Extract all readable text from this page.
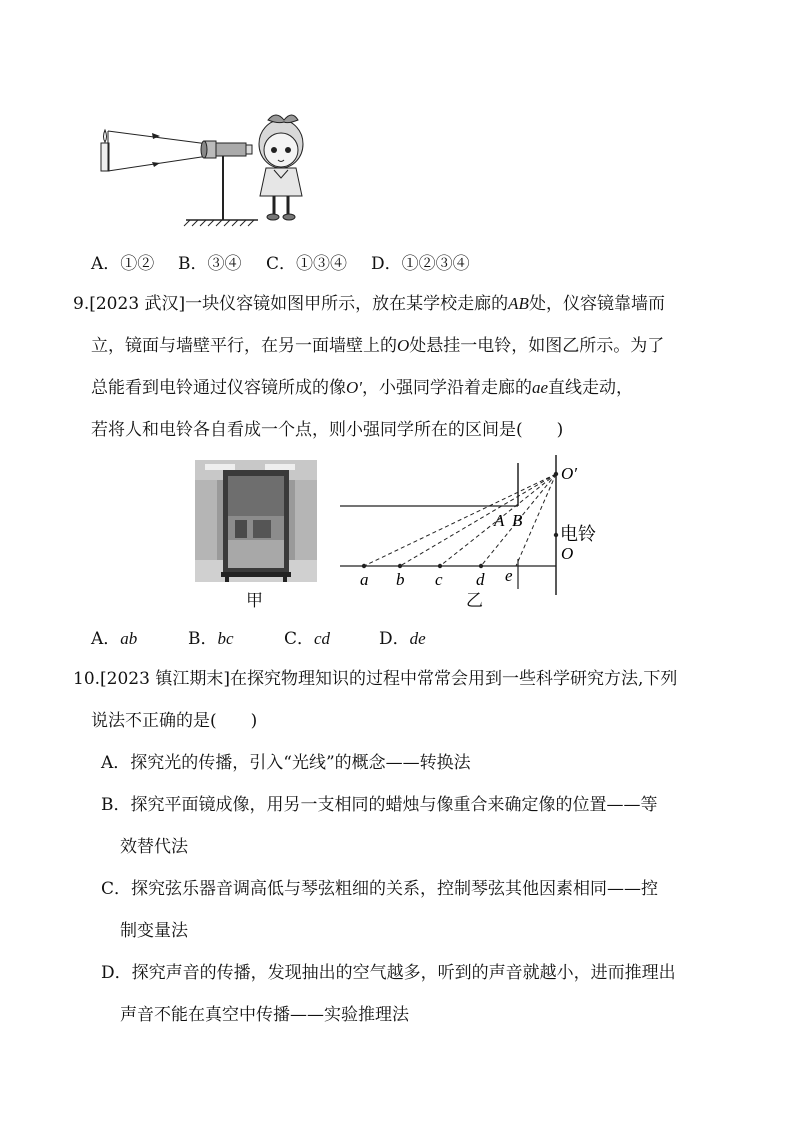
A．①② B．③④ C．①③④ D．①②③④
9.[2023 武汉]一块仪容镜如图甲所示，放在某学校走廊的AB处，仪容镜靠墙而
立，镜面与墙壁平行，在另一面墙壁上的O处悬挂一电铃，如图乙所示。为了
总能看到电铃通过仪容镜所成的像O′，小强同学沿着走廊的ae直线走动，
若将人和电铃各自看成一个点，则小强同学所在的区间是(　　)
甲
O′
A B
电铃
O
a b c d e
乙
A．ab	B．bc	C．cd	D．de
10.[2023 镇江期末]在探究物理知识的过程中常常会用到一些科学研究方法,下列
说法不正确的是(　　)
A．探究光的传播，引入“光线”的概念——转换法
B．探究平面镜成像，用另一支相同的蜡烛与像重合来确定像的位置——等
效替代法
C．探究弦乐器音调高低与琴弦粗细的关系，控制琴弦其他因素相同——控
制变量法
D．探究声音的传播，发现抽出的空气越多，听到的声音就越小，进而推理出
声音不能在真空中传播——实验推理法
